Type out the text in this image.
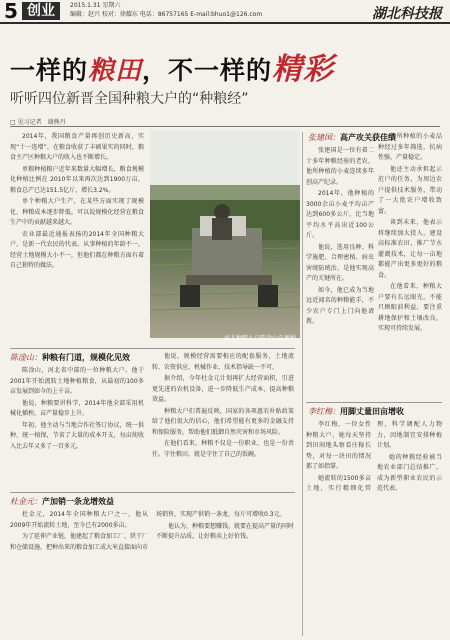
5 创业	2015.1.31 星期六
编辑：赵兴 校对：徐耀东 电话：86757165 E-mail:bhuo1@126.com	湖北科技报
一样的粮田，不一样的精彩
听听四位新晋全国种粮大户的“种粮经”
□ 见习记者　谢熊丹

2014年，我国粮食产量再创历史新高，实现“十一连增”。在粮食收获了丰硕果实的同时，粮食主产区种粮大户的收入也不断增长。

单粮种植粮户近年来数量大幅增长，粮食规模化种植比例在 2010年以来再次达到1900万亩，粮食总产已达151.5亿斤，增长3.2%。

单个种粮大户生产，在某些方面实现了规模化，种粮成本逐步降低，可以说规模化经营在粮食生产中的贡献越来越大。

农业部最近通报表扬的2014年全国种粮大户，是新一代农民的代表。从事种植的年龄不一，经营土地规模大小不一，但他们都在种粮方面有着自己独特的做法。

河北种粮大户陈淦山在插秧
陈淦山：种粮有门道，规模化见效

陈淦山，河北省中部的一位种粮大户。他于2001年开始流转土地种植粮食，从最初的100多亩发展到如今的上千亩。

他说，种粮要讲科学，2014年他全部采用机械化插秧，亩产量稳步上升。

年初，他主动与当地合作社签订协议，统一供种，统一植保，节省了大量的成本开支，每亩纯收入比去年又多了一百多元。

他说，规模经营需要相应的配套服务，土地流转、农资供应、机械作业、技术指导缺一不可。

据介绍，今年杜金元计划再扩大经营面积，引进更先进的农机设备，进一步降低生产成本，提高种粮效益。

种粮大户们普遍反映，国家的各项惠农补贴政策给了他们很大的信心，他们希望能有更多的金融支持和保险服务，帮助他们抵御自然灾害和市场风险。

在他们看来，种粮不仅是一份职业，也是一份责任。守住粮田，就是守住了自己的饭碗。

杜金元：产加销一条龙增效益

杜金元，2014年全国种粮大户之一，他从2009年开始流转土地，至今已有2000多亩。

为了延伸产业链，他建起了粮食加工厂，烘干厂和仓储设施，把种出来的粮食加工成大米直接面向市场销售，实现产供销一条龙，每斤可增收0.3元。

他认为，种粮要想赚钱，就要在提高产量的同时不断提升品质，让好粮卖上好价钱。

张建国：高产攻关获佳绩

张建国是一位有着二十多年种粮经验的老农，他所种植的小麦连续多年创高产纪录。

2014年，他种植的3000余亩小麦平均亩产达到600多公斤，比当地平均水平高出近100公斤。

他说，选用良种、科学施肥、合理密植、病虫害统防统治，是他实现高产的关键所在。

如今，他已成为当地远近闻名的种粮能手，不少农户专门上门向他请教。

他所种植的小麦品种经过多年筛选，抗病性强、产量稳定。

他还主动承担起示范户的任务，为周边农户提供技术服务，带动了一大批农户增收致富。

谈到未来，他表示将继续加大投入，建设高标准农田，推广节水灌溉技术，让每一亩地都能产出更多更好的粮食。

在他看来，种粮大户要有长远眼光，不能只顾眼前利益，要注重耕地保护和土壤改良，实现可持续发展。

李红梅：用脚丈量田亩增收

李红梅，一位女性种粮大户。她每天坚持到田间地头察看庄稼长势，对每一块田的情况都了如指掌。

她流转的1500多亩土地，实行精细化管理，科学调配人力物力，因地制宜安排种植计划。

她的种粮经验被当地农业部门总结推广，成为新型职业农民的示范代表。
